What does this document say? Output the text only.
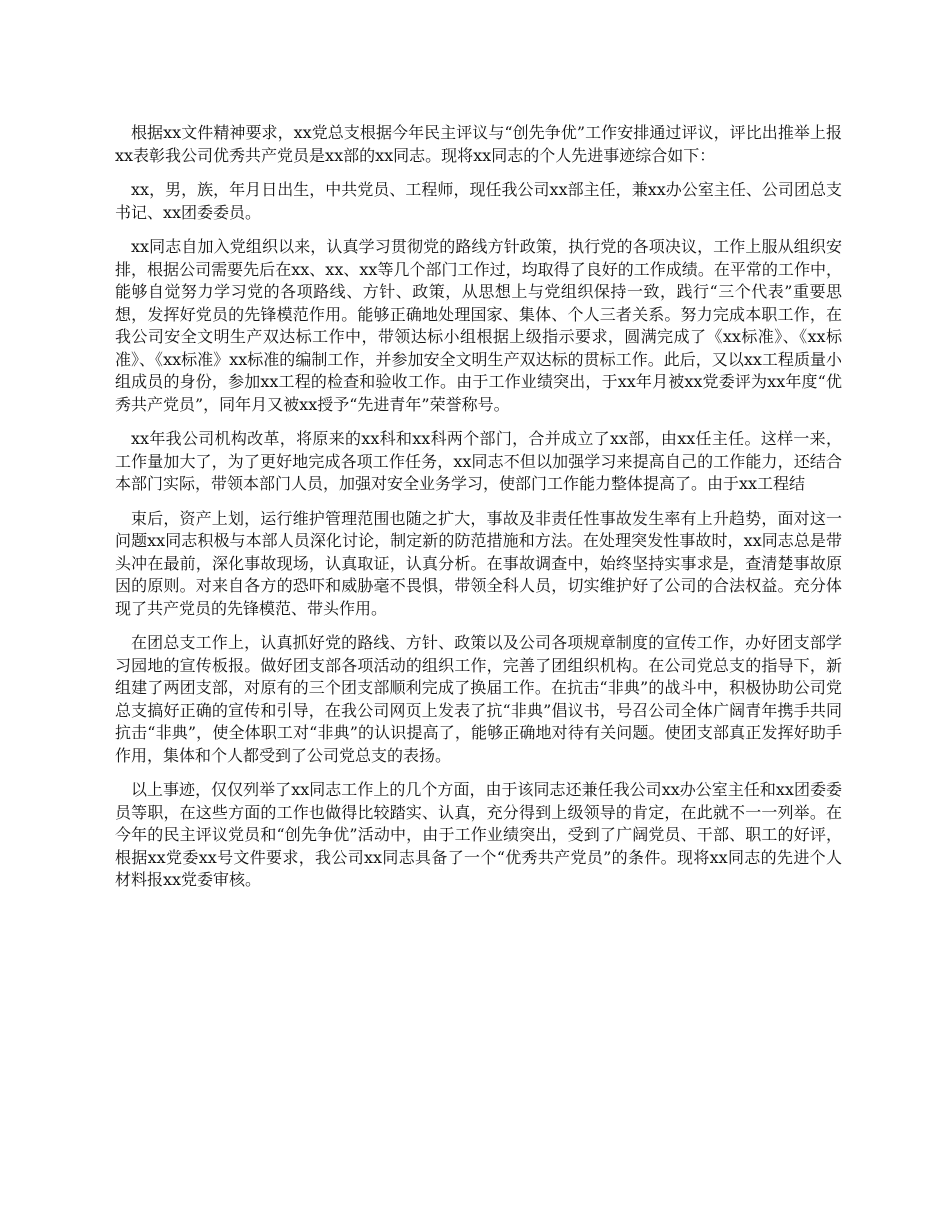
根据xx文件精神要求，xx党总支根据今年民主评议与“创先争优”工作安排通过评议，评比出推举上报xx表彰我公司优秀共产党员是xx部的xx同志。现将xx同志的个人先进事迹综合如下：

xx，男，族，年月日出生，中共党员、工程师，现任我公司xx部主任，兼xx办公室主任、公司团总支书记、xx团委委员。

xx同志自加入党组织以来，认真学习贯彻党的路线方针政策，执行党的各项决议，工作上服从组织安排，根据公司需要先后在xx、xx、xx等几个部门工作过，均取得了良好的工作成绩。在平常的工作中，能够自觉努力学习党的各项路线、方针、政策，从思想上与党组织保持一致，践行“三个代表”重要思想，发挥好党员的先锋模范作用。能够正确地处理国家、集体、个人三者关系。努力完成本职工作，在我公司安全文明生产双达标工作中，带领达标小组根据上级指示要求，圆满完成了《xx标准》、《xx标准》、《xx标准》xx标准的编制工作，并参加安全文明生产双达标的贯标工作。此后，又以xx工程质量小组成员的身份，参加xx工程的检查和验收工作。由于工作业绩突出，于xx年月被xx党委评为xx年度“优秀共产党员”，同年月又被xx授予“先进青年”荣誉称号。

xx年我公司机构改革，将原来的xx科和xx科两个部门，合并成立了xx部，由xx任主任。这样一来，工作量加大了，为了更好地完成各项工作任务，xx同志不但以加强学习来提高自己的工作能力，还结合本部门实际，带领本部门人员，加强对安全业务学习，使部门工作能力整体提高了。由于xx工程结

束后，资产上划，运行维护管理范围也随之扩大，事故及非责任性事故发生率有上升趋势，面对这一问题xx同志积极与本部人员深化讨论，制定新的防范措施和方法。在处理突发性事故时，xx同志总是带头冲在最前，深化事故现场，认真取证，认真分析。在事故调查中，始终坚持实事求是，查清楚事故原因的原则。对来自各方的恐吓和威胁毫不畏惧，带领全科人员，切实维护好了公司的合法权益。充分体现了共产党员的先锋模范、带头作用。

在团总支工作上，认真抓好党的路线、方针、政策以及公司各项规章制度的宣传工作，办好团支部学习园地的宣传板报。做好团支部各项活动的组织工作，完善了团组织机构。在公司党总支的指导下，新组建了两团支部，对原有的三个团支部顺利完成了换届工作。在抗击“非典”的战斗中，积极协助公司党总支搞好正确的宣传和引导，在我公司网页上发表了抗“非典”倡议书，号召公司全体广阔青年携手共同抗击“非典”，使全体职工对“非典”的认识提高了，能够正确地对待有关问题。使团支部真正发挥好助手作用，集体和个人都受到了公司党总支的表扬。

以上事迹，仅仅列举了xx同志工作上的几个方面，由于该同志还兼任我公司xx办公室主任和xx团委委员等职，在这些方面的工作也做得比较踏实、认真，充分得到上级领导的肯定，在此就不一一列举。在今年的民主评议党员和“创先争优”活动中，由于工作业绩突出，受到了广阔党员、干部、职工的好评，根据xx党委xx号文件要求，我公司xx同志具备了一个“优秀共产党员”的条件。现将xx同志的先进个人材料报xx党委审核。
